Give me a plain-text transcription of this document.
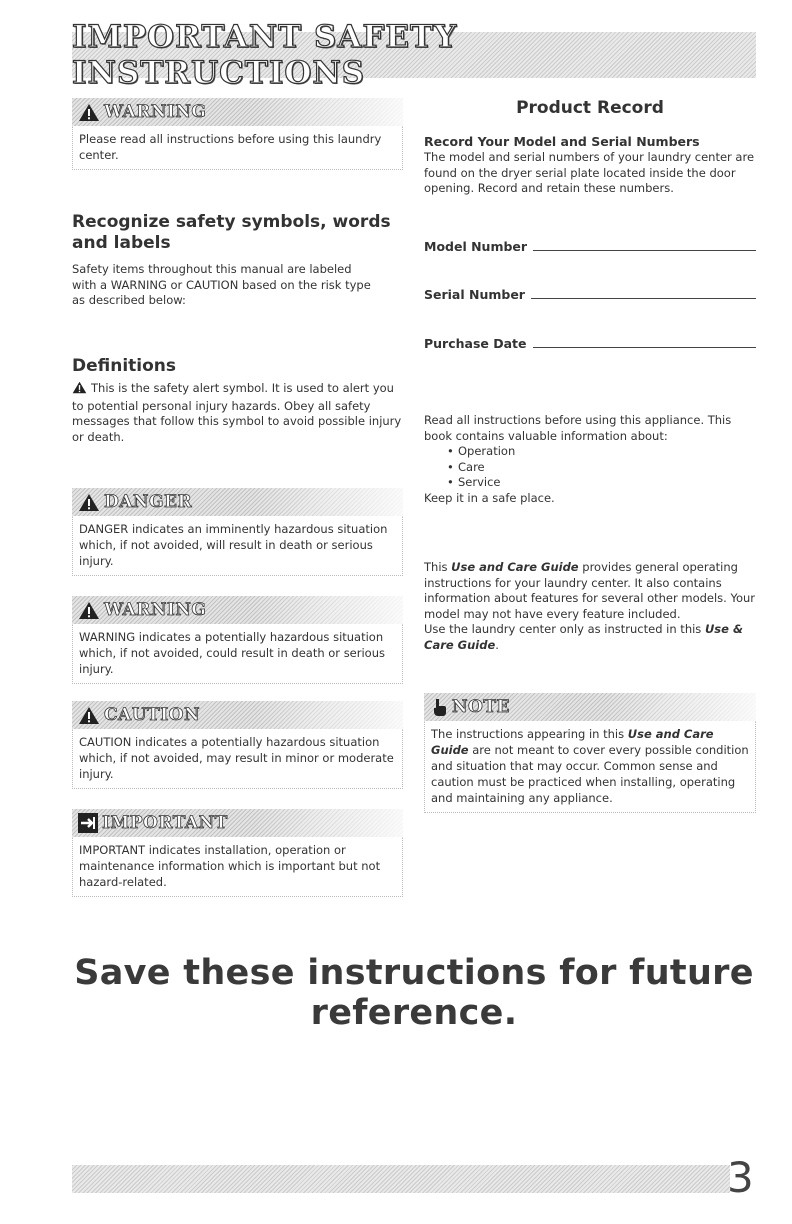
IMPORTANT SAFETY INSTRUCTIONS
WARNING
Please read all instructions before using this laundry center.
Recognize safety symbols, words and labels

Safety items throughout this manual are labeled with a WARNING or CAUTION based on the risk type as described below:

Definitions
This is the safety alert symbol. It is used to alert you to potential personal injury hazards. Obey all safety messages that follow this symbol to avoid possible injury or death.
DANGER
DANGER indicates an imminently hazardous situation which, if not avoided, will result in death or serious injury.
WARNING
WARNING indicates a potentially hazardous situation which, if not avoided, could result in death or serious injury.
CAUTION
CAUTION indicates a potentially hazardous situation which, if not avoided, may result in minor or moderate injury.
IMPORTANT
IMPORTANT indicates installation, operation or maintenance information which is important but not hazard-related.
Product Record

Record Your Model and Serial Numbers

The model and serial numbers of your laundry center are found on the dryer serial plate located inside the door opening. Record and retain these numbers.

Model Number
Serial Number
Purchase Date

Read all instructions before using this appliance. This book contains valuable information about:

• Operation
• Care
• Service

Keep it in a safe place.

This Use and Care Guide provides general operating instructions for your laundry center. It also contains information about features for several other models. Your model may not have every feature included.

Use the laundry center only as instructed in this Use & Care Guide.

NOTE
The instructions appearing in this Use and Care Guide are not meant to cover every possible condition and situation that may occur. Common sense and caution must be practiced when installing, operating and maintaining any appliance.
Save these instructions for future reference.
3
